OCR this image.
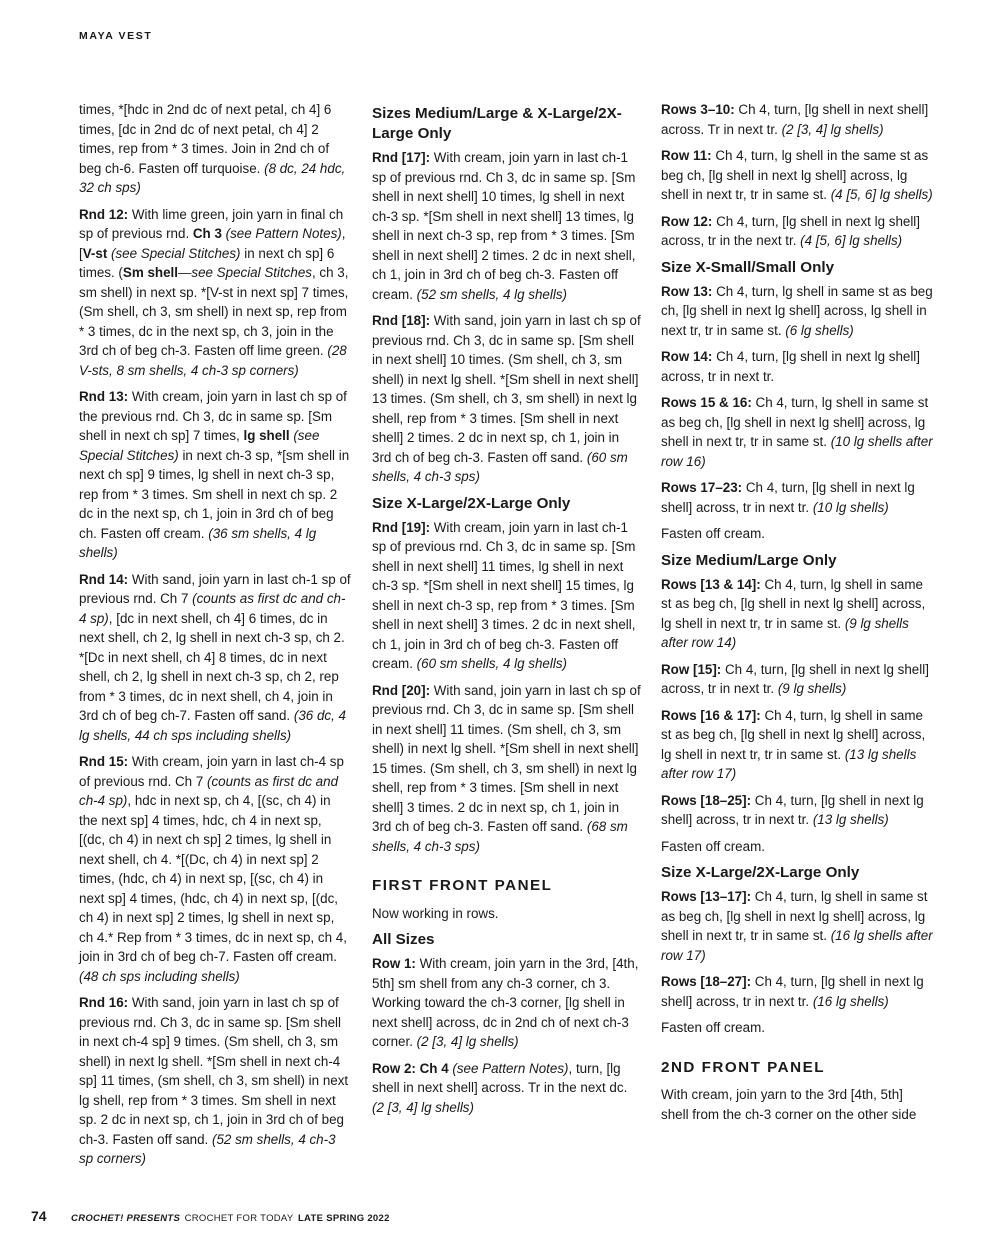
MAYA VEST

times, *[hdc in 2nd dc of next petal, ch 4] 6 times, [dc in 2nd dc of next petal, ch 4] 2 times, rep from * 3 times. Join in 2nd ch of beg ch-6. Fasten off turquoise. (8 dc, 24 hdc, 32 ch sps)

Rnd 12: With lime green, join yarn in final ch sp of previous rnd. Ch 3 (see Pattern Notes), [V-st (see Special Stitches) in next ch sp] 6 times. (Sm shell—see Special Stitches, ch 3, sm shell) in next sp. *[V-st in next sp] 7 times, (Sm shell, ch 3, sm shell) in next sp, rep from * 3 times, dc in the next sp, ch 3, join in the 3rd ch of beg ch-3. Fasten off lime green. (28 V-sts, 8 sm shells, 4 ch-3 sp corners)

Rnd 13: With cream, join yarn in last ch sp of the previous rnd. Ch 3, dc in same sp. [Sm shell in next ch sp] 7 times, lg shell (see Special Stitches) in next ch-3 sp, *[sm shell in next ch sp] 9 times, lg shell in next ch-3 sp, rep from * 3 times. Sm shell in next ch sp. 2 dc in the next sp, ch 1, join in 3rd ch of beg ch. Fasten off cream. (36 sm shells, 4 lg shells)

Rnd 14: With sand, join yarn in last ch-1 sp of previous rnd. Ch 7 (counts as first dc and ch-4 sp), [dc in next shell, ch 4] 6 times, dc in next shell, ch 2, lg shell in next ch-3 sp, ch 2. *[Dc in next shell, ch 4] 8 times, dc in next shell, ch 2, lg shell in next ch-3 sp, ch 2, rep from * 3 times, dc in next shell, ch 4, join in 3rd ch of beg ch-7. Fasten off sand. (36 dc, 4 lg shells, 44 ch sps including shells)

Rnd 15: With cream, join yarn in last ch-4 sp of previous rnd. Ch 7 (counts as first dc and ch-4 sp), hdc in next sp, ch 4, [(sc, ch 4) in the next sp] 4 times, hdc, ch 4 in next sp, [(dc, ch 4) in next ch sp] 2 times, lg shell in next shell, ch 4. *[(Dc, ch 4) in next sp] 2 times, (hdc, ch 4) in next sp, [(sc, ch 4) in next sp] 4 times, (hdc, ch 4) in next sp, [(dc, ch 4) in next sp] 2 times, lg shell in next sp, ch 4.* Rep from * 3 times, dc in next sp, ch 4, join in 3rd ch of beg ch-7. Fasten off cream. (48 ch sps including shells)

Rnd 16: With sand, join yarn in last ch sp of previous rnd. Ch 3, dc in same sp. [Sm shell in next ch-4 sp] 9 times. (Sm shell, ch 3, sm shell) in next lg shell. *[Sm shell in next ch-4 sp] 11 times, (sm shell, ch 3, sm shell) in next lg shell, rep from * 3 times. Sm shell in next sp. 2 dc in next sp, ch 1, join in 3rd ch of beg ch-3. Fasten off sand. (52 sm shells, 4 ch-3 sp corners)

Sizes Medium/Large & X-Large/2X-Large Only

Rnd [17]: With cream, join yarn in last ch-1 sp of previous rnd. Ch 3, dc in same sp. [Sm shell in next shell] 10 times, lg shell in next ch-3 sp. *[Sm shell in next shell] 13 times, lg shell in next ch-3 sp, rep from * 3 times. [Sm shell in next shell] 2 times. 2 dc in next shell, ch 1, join in 3rd ch of beg ch-3. Fasten off cream. (52 sm shells, 4 lg shells)

Rnd [18]: With sand, join yarn in last ch sp of previous rnd. Ch 3, dc in same sp. [Sm shell in next shell] 10 times. (Sm shell, ch 3, sm shell) in next lg shell. *[Sm shell in next shell] 13 times. (Sm shell, ch 3, sm shell) in next lg shell, rep from * 3 times. [Sm shell in next shell] 2 times. 2 dc in next sp, ch 1, join in 3rd ch of beg ch-3. Fasten off sand. (60 sm shells, 4 ch-3 sps)

Size X-Large/2X-Large Only

Rnd [19]: With cream, join yarn in last ch-1 sp of previous rnd. Ch 3, dc in same sp. [Sm shell in next shell] 11 times, lg shell in next ch-3 sp. *[Sm shell in next shell] 15 times, lg shell in next ch-3 sp, rep from * 3 times. [Sm shell in next shell] 3 times. 2 dc in next shell, ch 1, join in 3rd ch of beg ch-3. Fasten off cream. (60 sm shells, 4 lg shells)

Rnd [20]: With sand, join yarn in last ch sp of previous rnd. Ch 3, dc in same sp. [Sm shell in next shell] 11 times. (Sm shell, ch 3, sm shell) in next lg shell. *[Sm shell in next shell] 15 times. (Sm shell, ch 3, sm shell) in next lg shell, rep from * 3 times. [Sm shell in next shell] 3 times. 2 dc in next sp, ch 1, join in 3rd ch of beg ch-3. Fasten off sand. (68 sm shells, 4 ch-3 sps)

FIRST FRONT PANEL

Now working in rows.

All Sizes

Row 1: With cream, join yarn in the 3rd, [4th, 5th] sm shell from any ch-3 corner, ch 3. Working toward the ch-3 corner, [lg shell in next shell] across, dc in 2nd ch of next ch-3 corner. (2 [3, 4] lg shells)

Row 2: Ch 4 (see Pattern Notes), turn, [lg shell in next shell] across. Tr in the next dc. (2 [3, 4] lg shells)

Rows 3–10: Ch 4, turn, [lg shell in next shell] across. Tr in next tr. (2 [3, 4] lg shells)

Row 11: Ch 4, turn, lg shell in the same st as beg ch, [lg shell in next lg shell] across, lg shell in next tr, tr in same st. (4 [5, 6] lg shells)

Row 12: Ch 4, turn, [lg shell in next lg shell] across, tr in the next tr. (4 [5, 6] lg shells)

Size X-Small/Small Only

Row 13: Ch 4, turn, lg shell in same st as beg ch, [lg shell in next lg shell] across, lg shell in next tr, tr in same st. (6 lg shells)

Row 14: Ch 4, turn, [lg shell in next lg shell] across, tr in next tr.

Rows 15 & 16: Ch 4, turn, lg shell in same st as beg ch, [lg shell in next lg shell] across, lg shell in next tr, tr in same st. (10 lg shells after row 16)

Rows 17–23: Ch 4, turn, [lg shell in next lg shell] across, tr in next tr. (10 lg shells)

Fasten off cream.

Size Medium/Large Only

Rows [13 & 14]: Ch 4, turn, lg shell in same st as beg ch, [lg shell in next lg shell] across, lg shell in next tr, tr in same st. (9 lg shells after row 14)

Row [15]: Ch 4, turn, [lg shell in next lg shell] across, tr in next tr. (9 lg shells)

Rows [16 & 17]: Ch 4, turn, lg shell in same st as beg ch, [lg shell in next lg shell] across, lg shell in next tr, tr in same st. (13 lg shells after row 17)

Rows [18–25]: Ch 4, turn, [lg shell in next lg shell] across, tr in next tr. (13 lg shells)

Fasten off cream.

Size X-Large/2X-Large Only

Rows [13–17]: Ch 4, turn, lg shell in same st as beg ch, [lg shell in next lg shell] across, lg shell in next tr, tr in same st. (16 lg shells after row 17)

Rows [18–27]: Ch 4, turn, [lg shell in next lg shell] across, tr in next tr. (16 lg shells)

Fasten off cream.

2ND FRONT PANEL

With cream, join yarn to the 3rd [4th, 5th] shell from the ch-3 corner on the other side

74	CROCHET! PRESENTS CROCHET FOR TODAY LATE SPRING 2022
